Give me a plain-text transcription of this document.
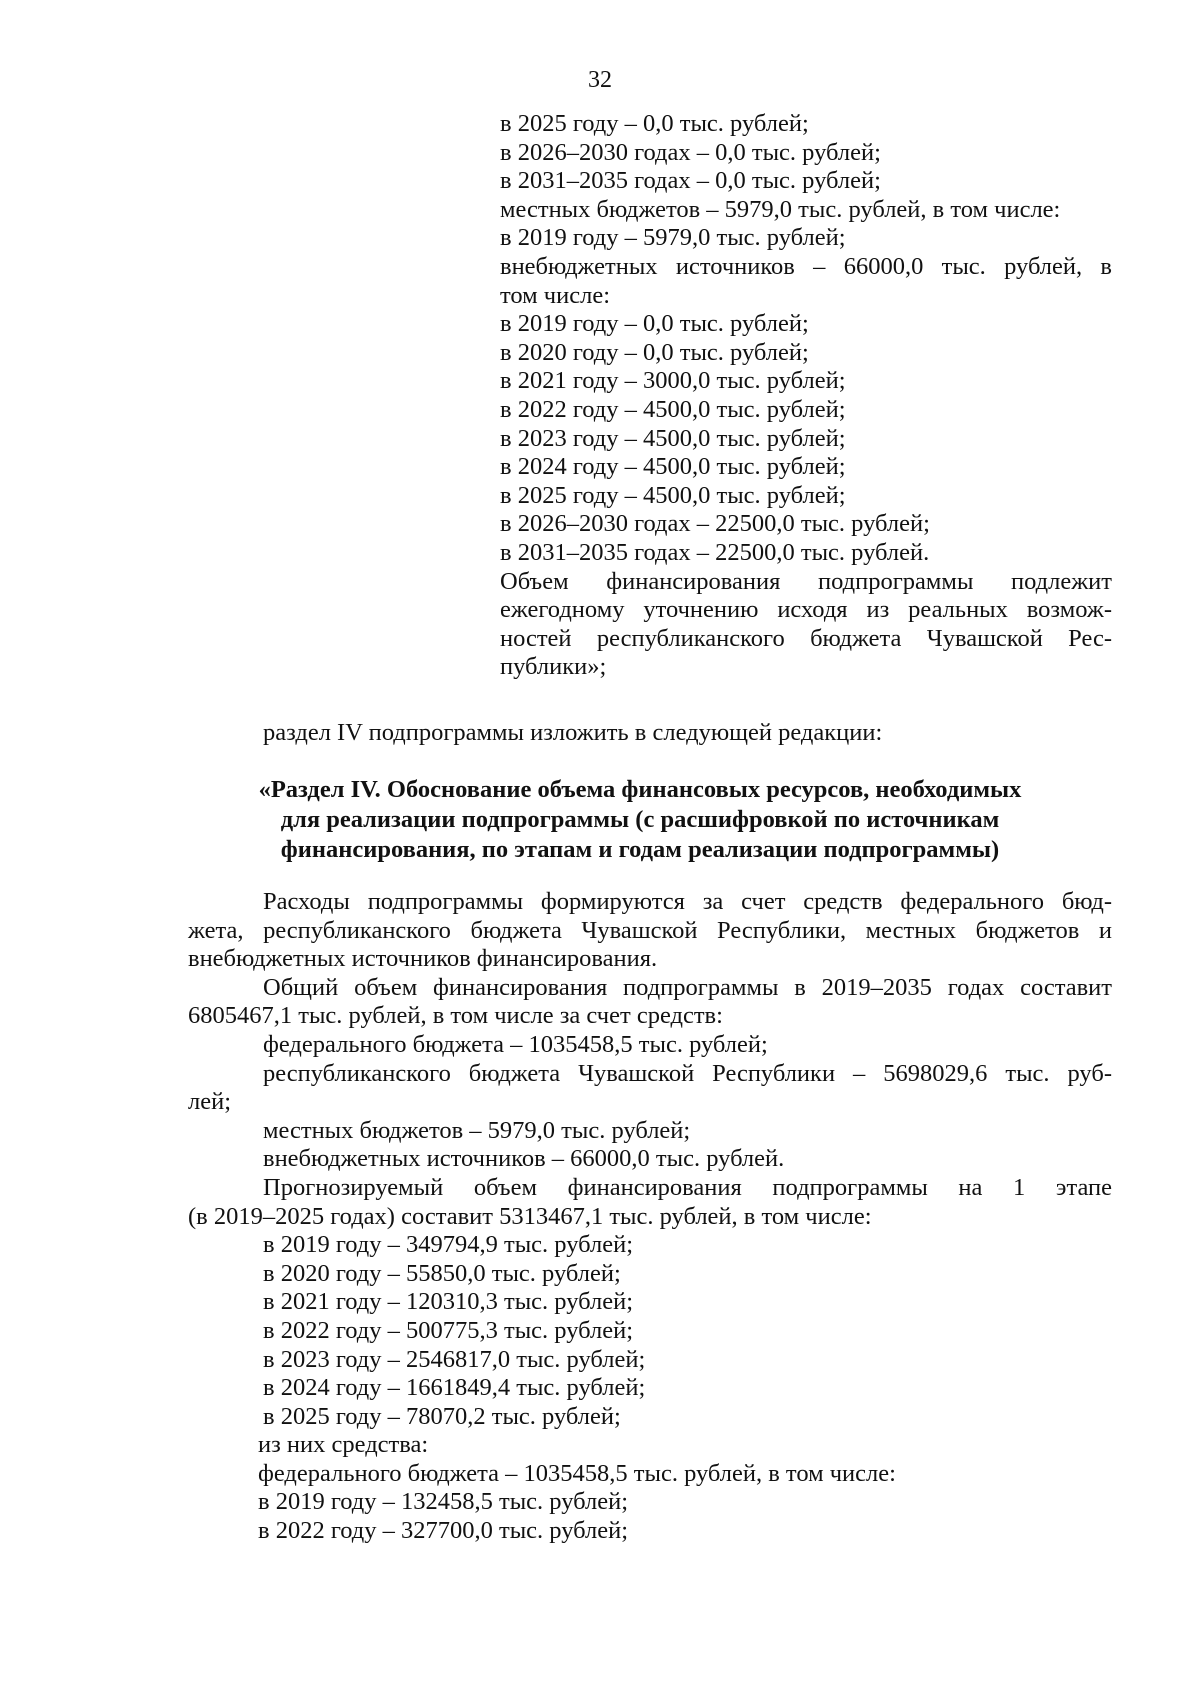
32
в 2025 году – 0,0 тыс. рублей;
в 2026–2030 годах – 0,0 тыс. рублей;
в 2031–2035 годах – 0,0 тыс. рублей;
местных бюджетов – 5979,0 тыс. рублей, в том числе:
в 2019 году – 5979,0 тыс. рублей;
внебюджетных источников – 66000,0 тыс. рублей, в
том числе:
в 2019 году – 0,0 тыс. рублей;
в 2020 году – 0,0 тыс. рублей;
в 2021 году – 3000,0 тыс. рублей;
в 2022 году – 4500,0 тыс. рублей;
в 2023 году – 4500,0 тыс. рублей;
в 2024 году – 4500,0 тыс. рублей;
в 2025 году – 4500,0 тыс. рублей;
в 2026–2030 годах – 22500,0 тыс. рублей;
в 2031–2035 годах – 22500,0 тыс. рублей.
Объем финансирования подпрограммы подлежит
ежегодному уточнению исходя из реальных возмож-
ностей республиканского бюджета Чувашской Рес-
публики»;
раздел IV подпрограммы изложить в следующей редакции:
«Раздел IV. Обоснование объема финансовых ресурсов, необходимых
для реализации подпрограммы (с расшифровкой по источникам
финансирования, по этапам и годам реализации подпрограммы)
Расходы подпрограммы формируются за счет средств федерального бюд-
жета, республиканского бюджета Чувашской Республики, местных бюджетов и
внебюджетных источников финансирования.
Общий объем финансирования подпрограммы в 2019–2035 годах составит
6805467,1 тыс. рублей, в том числе за счет средств:
федерального бюджета – 1035458,5 тыс. рублей;
республиканского бюджета Чувашской Республики – 5698029,6 тыс. руб-
лей;
местных бюджетов – 5979,0 тыс. рублей;
внебюджетных источников – 66000,0 тыс. рублей.
Прогнозируемый объем финансирования подпрограммы на 1 этапе
(в 2019–2025 годах) составит 5313467,1 тыс. рублей, в том числе:
в 2019 году – 349794,9 тыс. рублей;
в 2020 году – 55850,0 тыс. рублей;
в 2021 году – 120310,3 тыс. рублей;
в 2022 году – 500775,3 тыс. рублей;
в 2023 году – 2546817,0 тыс. рублей;
в 2024 году – 1661849,4 тыс. рублей;
в 2025 году – 78070,2 тыс. рублей;
из них средства:
федерального бюджета – 1035458,5 тыс. рублей, в том числе:
в 2019 году – 132458,5 тыс. рублей;
в 2022 году – 327700,0 тыс. рублей;
